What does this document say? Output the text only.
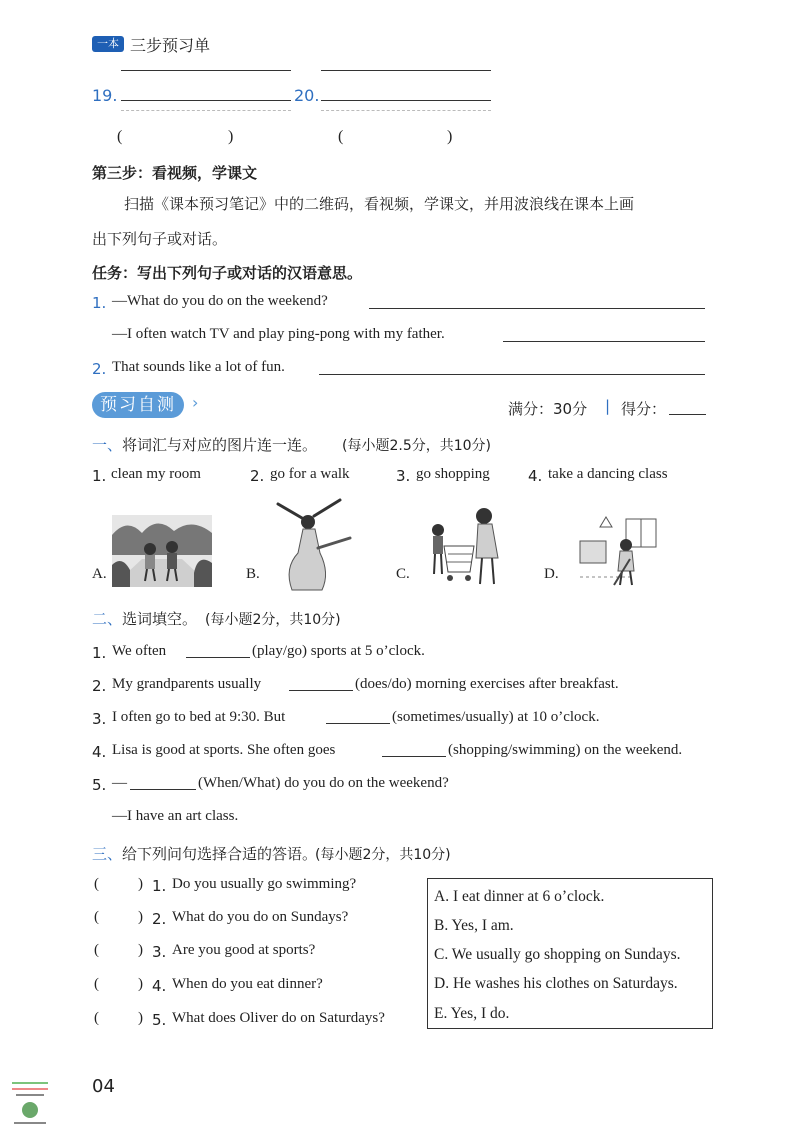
一本 三步预习单
19.	20.
(	)	(	)
第三步：看视频，学课文
扫描《课本预习笔记》中的二维码，看视频，学课文，并用波浪线在课本上画
出下列句子或对话。
任务：写出下列句子或对话的汉语意思。
1. —What do you do on the weekend?
—I often watch TV and play ping-pong with my father.
2. That sounds like a lot of fun.
预习自测	›	满分：30分 | 得分：
一、 将词汇与对应的图片连一连。 (每小题2.5分，共10分)
1. clean my room	2. go for a walk	3. go shopping	4. take a dancing class
A.	B.	C.	D.
二、 选词填空。 (每小题2分，共10分)
1. We often	(play/go) sports at 5 o’clock.
2. My grandparents usually	(does/do) morning exercises after breakfast.
3. I often go to bed at 9:30. But	(sometimes/usually) at 10 o’clock.
4. Lisa is good at sports. She often goes	(shopping/swimming) on the weekend.
5. —	(When/What) do you do on the weekend?
—I have an art class.
三、 给下列问句选择合适的答语。
(每小题2分，共10分)
(	) 1. Do you usually go swimming?
(	) 2. What do you do on Sundays?
(	) 3. Are you good at sports?
(	) 4. When do you eat dinner?
(	) 5. What does Oliver do on Saturdays?
A. I eat dinner at 6 o’clock.
B. Yes, I am.
C. We usually go shopping on Sundays.
D. He washes his clothes on Saturdays.
E. Yes, I do.
04
